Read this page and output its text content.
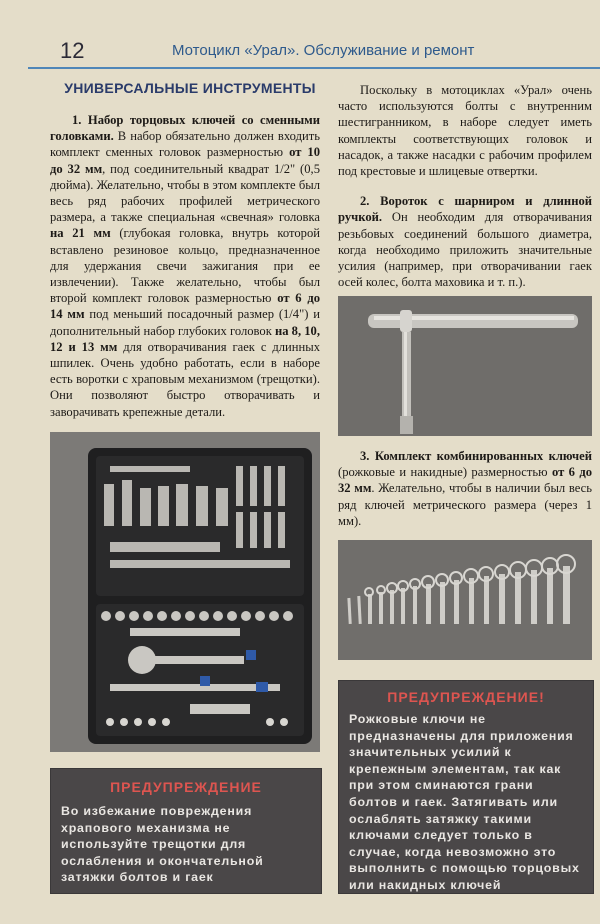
12	Мотоцикл «Урал». Обслуживание и ремонт
УНИВЕРСАЛЬНЫЕ ИНСТРУМЕНТЫ

1. Набор торцовых ключей со сменными головками. В набор обязательно должен входить комплект сменных головок размерностью от 10 до 32 мм, под соединительный квадрат 1/2" (0,5 дюйма). Желательно, чтобы в этом комплекте был весь ряд рабочих профилей метрического размера, а также специальная «свечная» головка на 21 мм (глубокая головка, внутрь которой вставлено резиновое кольцо, предназначенное для удержания свечи зажигания при ее извлечении). Также желательно, чтобы был второй комплект головок размерностью от 6 до 14 мм под меньший посадочный размер (1/4") и дополнительный набор глубоких головок на 8, 10, 12 и 13 мм для отворачивания гаек с длинных шпилек. Очень удобно работать, если в наборе есть воротки с храповым механизмом (трещотки). Они позволяют быстро отворачивать и заворачивать крепежные детали.

ПРЕДУПРЕЖДЕНИЕ
Во избежание повреждения храпового механизма не используйте трещотки для ослабления и окончательной затяжки болтов и гаек

Поскольку в мотоциклах «Урал» очень часто используются болты с внутренним шестигранником, в наборе следует иметь комплекты соответствующих головок и насадок, а также насадки с рабочим профилем под крестовые и шлицевые отвертки.

2. Вороток с шарниром и длинной ручкой. Он необходим для отворачивания резьбовых соединений большого диаметра, когда необходимо приложить значительные усилия (например, при отворачивании гаек осей колес, болта маховика и т. п.).

3. Комплект комбинированных ключей (рожковые и накидные) размерностью от 6 до 32 мм. Желательно, чтобы в наличии был весь ряд ключей метрического размера (через 1 мм).

ПРЕДУПРЕЖДЕНИЕ!
Рожковые ключи не предназначены для приложения значительных усилий к крепежным элементам, так как при этом сминаются грани болтов и гаек. Затягивать или ослаблять затяжку такими ключами следует только в случае, когда невозможно это выполнить с помощью торцовых или накидных ключей
